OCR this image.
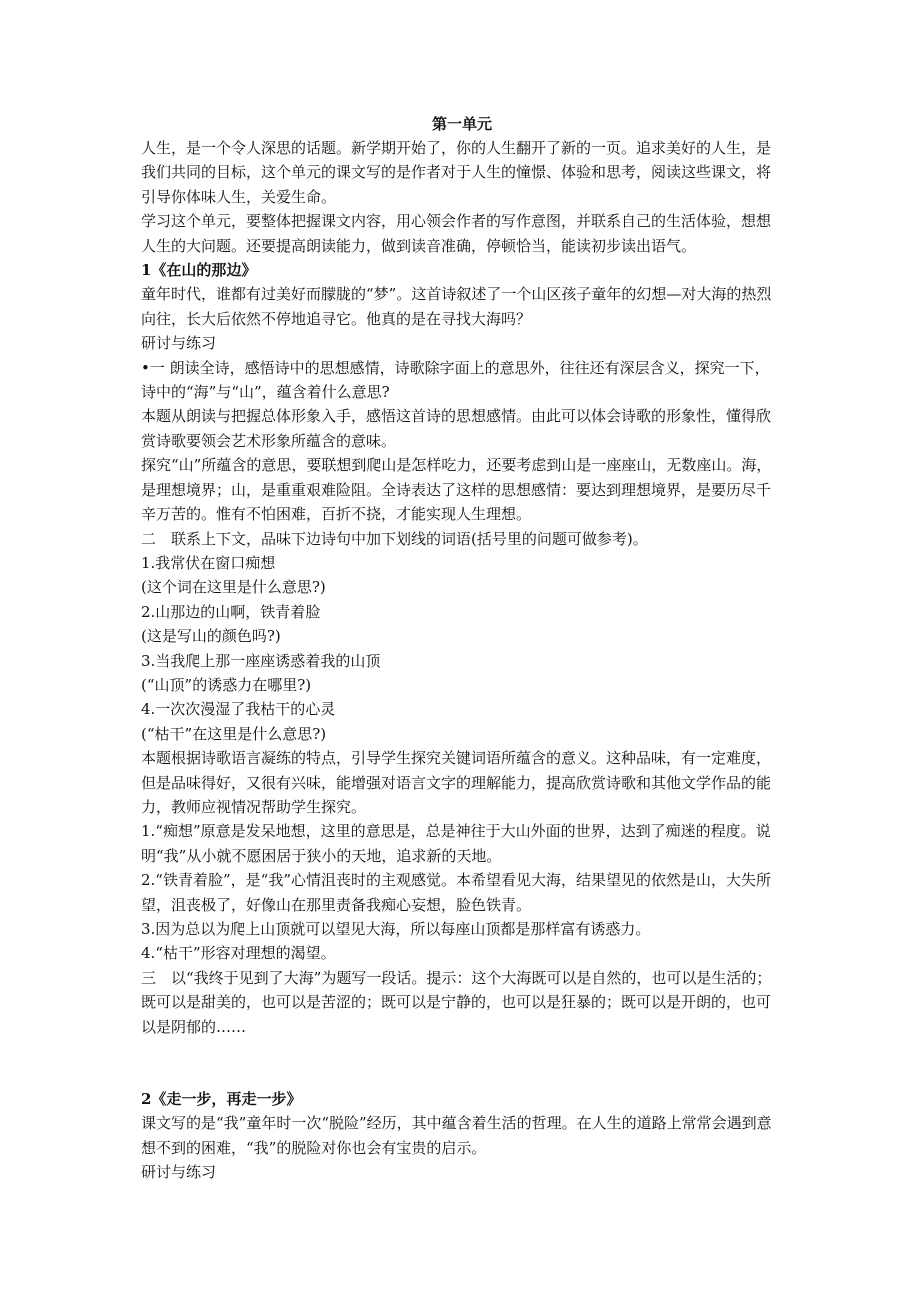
第一单元

人生，是一个令人深思的话题。新学期开始了，你的人生翻开了新的一页。追求美好的人生，是我们共同的目标，这个单元的课文写的是作者对于人生的憧憬、体验和思考，阅读这些课文，将引导你体味人生，关爱生命。

学习这个单元，要整体把握课文内容，用心领会作者的写作意图，并联系自己的生活体验，想想人生的大问题。还要提高朗读能力，做到读音准确，停顿恰当，能读初步读出语气。

1《在山的那边》

童年时代，谁都有过美好而朦胧的“梦”。这首诗叙述了一个山区孩子童年的幻想—对大海的热烈向往，长大后依然不停地追寻它。他真的是在寻找大海吗？

研讨与练习

•一 朗读全诗，感悟诗中的思想感情，诗歌除字面上的意思外，往往还有深层含义，探究一下，诗中的“海”与“山”，蕴含着什么意思?

本题从朗读与把握总体形象入手，感悟这首诗的思想感情。由此可以体会诗歌的形象性，懂得欣赏诗歌要领会艺术形象所蕴含的意味。

探究“山”所蕴含的意思，要联想到爬山是怎样吃力，还要考虑到山是一座座山，无数座山。海，是理想境界；山，是重重艰难险阻。全诗表达了这样的思想感情：要达到理想境界，是要历尽千辛万苦的。惟有不怕困难，百折不挠，才能实现人生理想。

二　联系上下文，品味下边诗句中加下划线的词语(括号里的问题可做参考)。

1.我常伏在窗口痴想

(这个词在这里是什么意思?)

2.山那边的山啊，铁青着脸

(这是写山的颜色吗?)

3.当我爬上那一座座诱惑着我的山顶

(“山顶”的诱惑力在哪里?)

4.一次次漫湿了我枯干的心灵

(“枯干”在这里是什么意思?)

本题根据诗歌语言凝练的特点，引导学生探究关键词语所蕴含的意义。这种品味，有一定难度，但是品味得好，又很有兴味，能增强对语言文字的理解能力，提高欣赏诗歌和其他文学作品的能力，教师应视情况帮助学生探究。

1.“痴想”原意是发呆地想，这里的意思是，总是神往于大山外面的世界，达到了痴迷的程度。说明“我”从小就不愿困居于狭小的天地，追求新的天地。

2.“铁青着脸”，是“我”心情沮丧时的主观感觉。本希望看见大海，结果望见的依然是山，大失所望，沮丧极了，好像山在那里责备我痴心妄想，脸色铁青。

3.因为总以为爬上山顶就可以望见大海，所以每座山顶都是那样富有诱惑力。

4.“枯干”形容对理想的渴望。

三　以“我终于见到了大海”为题写一段话。提示：这个大海既可以是自然的，也可以是生活的；既可以是甜美的，也可以是苦涩的；既可以是宁静的，也可以是狂暴的；既可以是开朗的，也可以是阴郁的……

2《走一步，再走一步》

课文写的是“我”童年时一次“脱险”经历，其中蕴含着生活的哲理。在人生的道路上常常会遇到意想不到的困难，“我”的脱险对你也会有宝贵的启示。

研讨与练习
